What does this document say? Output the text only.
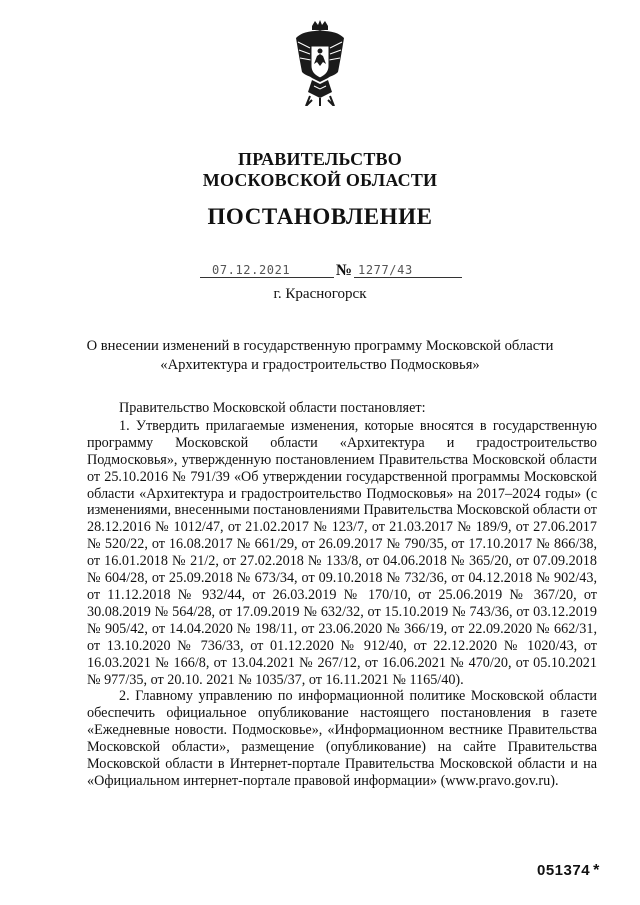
ПРАВИТЕЛЬСТВО
МОСКОВСКОЙ ОБЛАСТИ
ПОСТАНОВЛЕНИЕ
07.12.2021	№ 1277/43
г. Красногорск
О внесении изменений в государственную программу Московской области
«Архитектура и градостроительство Подмосковья»

Правительство Московской области постановляет:

1. Утвердить прилагаемые изменения, которые вносятся в государственную программу Московской области «Архитектура и градостроительство Подмосковья», утвержденную постановлением Правительства Московской области от 25.10.2016 № 791/39 «Об утверждении государственной программы Московской области «Архитектура и градостроительство Подмосковья» на 2017–2024 годы» (с изменениями, внесенными постановлениями Правительства Московской области от 28.12.2016 № 1012/47, от 21.02.2017 № 123/7, от 21.03.2017 № 189/9, от 27.06.2017 № 520/22, от 16.08.2017 № 661/29, от 26.09.2017 № 790/35, от 17.10.2017 № 866/38, от 16.01.2018 № 21/2, от 27.02.2018 № 133/8, от 04.06.2018 № 365/20, от 07.09.2018 № 604/28, от 25.09.2018 № 673/34, от 09.10.2018 № 732/36, от 04.12.2018 № 902/43, от 11.12.2018 № 932/44, от 26.03.2019 № 170/10, от 25.06.2019 № 367/20, от 30.08.2019 № 564/28, от 17.09.2019 № 632/32, от 15.10.2019 № 743/36, от 03.12.2019 № 905/42, от 14.04.2020 № 198/11, от 23.06.2020 № 366/19, от 22.09.2020 № 662/31, от 13.10.2020 № 736/33, от 01.12.2020 № 912/40, от 22.12.2020 № 1020/43, от 16.03.2021 № 166/8, от 13.04.2021 № 267/12, от 16.06.2021 № 470/20, от 05.10.2021 № 977/35, от 20.10. 2021 № 1035/37, от 16.11.2021 № 1165/40).

2. Главному управлению по информационной политике Московской области обеспечить официальное опубликование настоящего постановления в газете «Ежедневные новости. Подмосковье», «Информационном вестнике Правительства Московской области», размещение (опубликование) на сайте Правительства Московской области в Интернет-портале Правительства Московской области и на «Официальном интернет-портале правовой информации» (www.pravo.gov.ru).

051374 *
